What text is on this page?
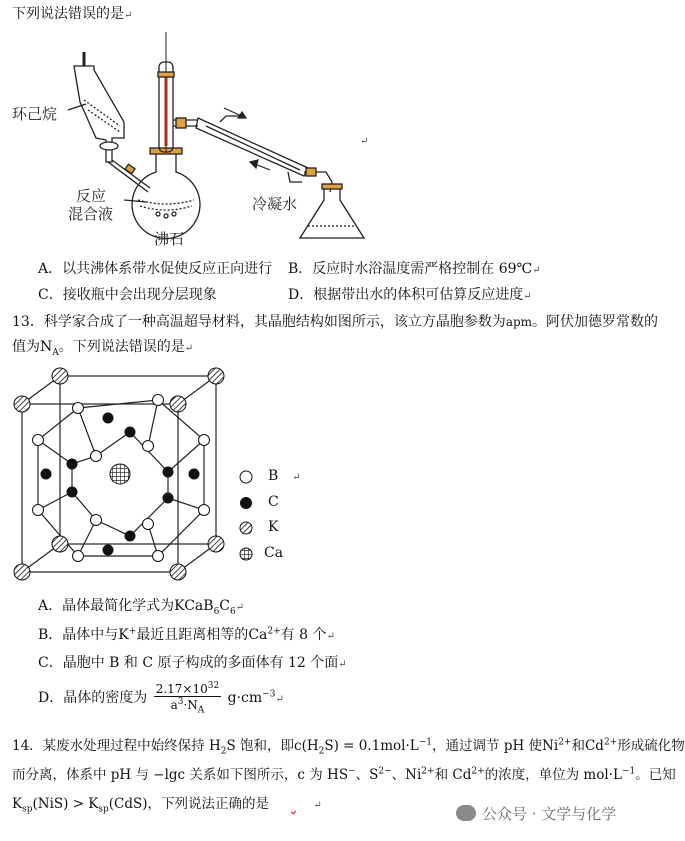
下列说法错误的是↵
环己烷
反应
混合液
沸石
冷凝水
↵
A．以共沸体系带水促使反应正向进行 B．反应时水浴温度需严格控制在 69℃↵
C．接收瓶中会出现分层现象	D．根据带出水的体积可估算反应进度↵
13．科学家合成了一种高温超导材料，其晶胞结构如图所示，该立方晶胞参数为apm。阿伏加德罗常数的
值为$N_A$。下列说法错误的是↵
B ↵
C
K
Ca
A．晶体最简化学式为$KCaB_6C_6↵$
B．晶体中与K+最近且距离相等的$Ca^{2+}$有 8 个↵
C．晶胞中 B 和 C 原子构成的多面体有 12 个面↵
D．晶体的密度为 $\frac{2.17\times 10^{32}}{a^3\cdot N_A}$ $g\cdot cm^{-3}↵$
14．某废水处理过程中始终保持 $H_2S$ 饱和，即$c(H_2S) = 0.1mol\cdot L^{-1}$，通过调节 pH 使$Ni^{2+}$和$Cd^{2+}$形成硫化物
而分离，体系中 pH 与 −lgc 关系如下图所示，c 为 HS−、$S^{2-}$、$Ni^{2+}$和 $Cd^{2+}$的浓度，单位为 $mol\cdot L^{-1}$。已知
$K_{sp}(NiS) > K_{sp}(CdS)$，下列说法正确的是	↵	公众号 · 文学与化学
